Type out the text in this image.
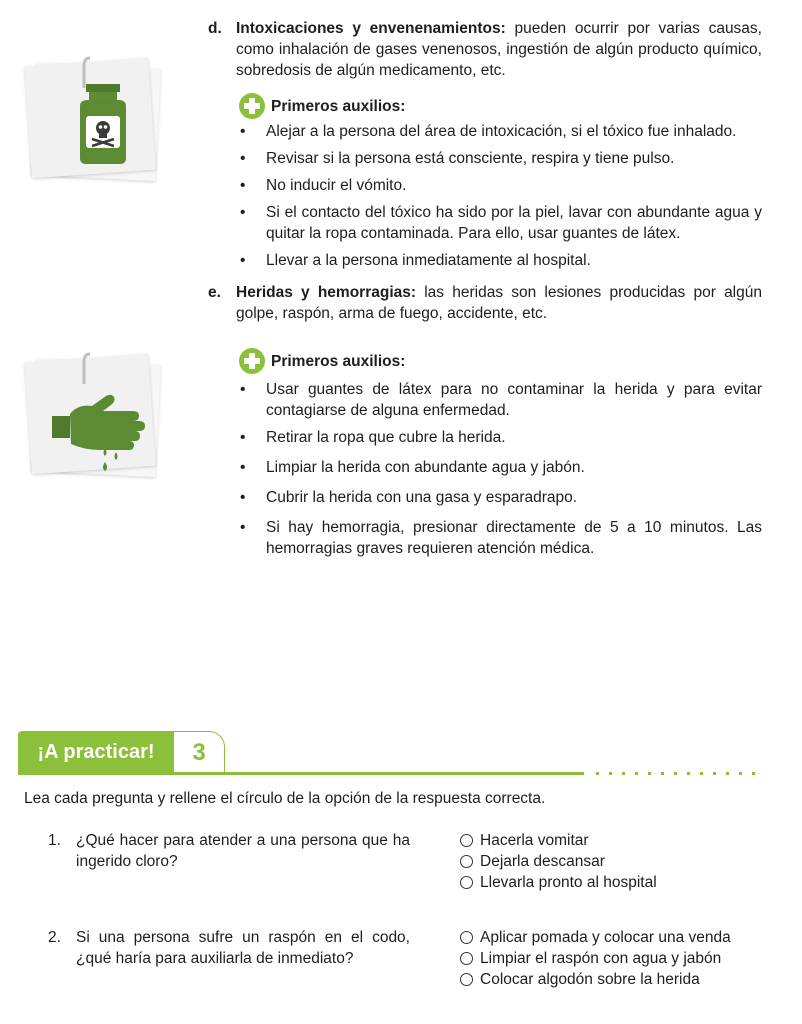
d. Intoxicaciones y envenenamientos: pueden ocurrir por varias causas, como inhalación de gases venenosos, ingestión de algún producto químico, sobredosis de algún medicamento, etc.
Primeros auxilios:
• Alejar a la persona del área de intoxicación, si el tóxico fue inhalado.
• Revisar si la persona está consciente, respira y tiene pulso.
• No inducir el vómito.
• Si el contacto del tóxico ha sido por la piel, lavar con abundante agua y quitar la ropa contaminada. Para ello, usar guantes de látex.
• Llevar a la persona inmediatamente al hospital.
e. Heridas y hemorragias: las heridas son lesiones producidas por algún golpe, raspón, arma de fuego, accidente, etc.
Primeros auxilios:
• Usar guantes de látex para no contaminar la herida y para evitar contagiarse de alguna enfermedad.
• Retirar la ropa que cubre la herida.
• Limpiar la herida con abundante agua y jabón.
• Cubrir la herida con una gasa y esparadrapo.
• Si hay hemorragia, presionar directamente de 5 a 10 minutos. Las hemorragias graves requieren atención médica.
¡A practicar!	3
Lea cada pregunta y rellene el círculo de la opción de la respuesta correcta.
1. ¿Qué hacer para atender a una persona que ha ingerido cloro?
Hacerla vomitar
Dejarla descansar
Llevarla pronto al hospital
2. Si una persona sufre un raspón en el codo, ¿qué haría para auxiliarla de inmediato?
Aplicar pomada y colocar una venda
Limpiar el raspón con agua y jabón
Colocar algodón sobre la herida
